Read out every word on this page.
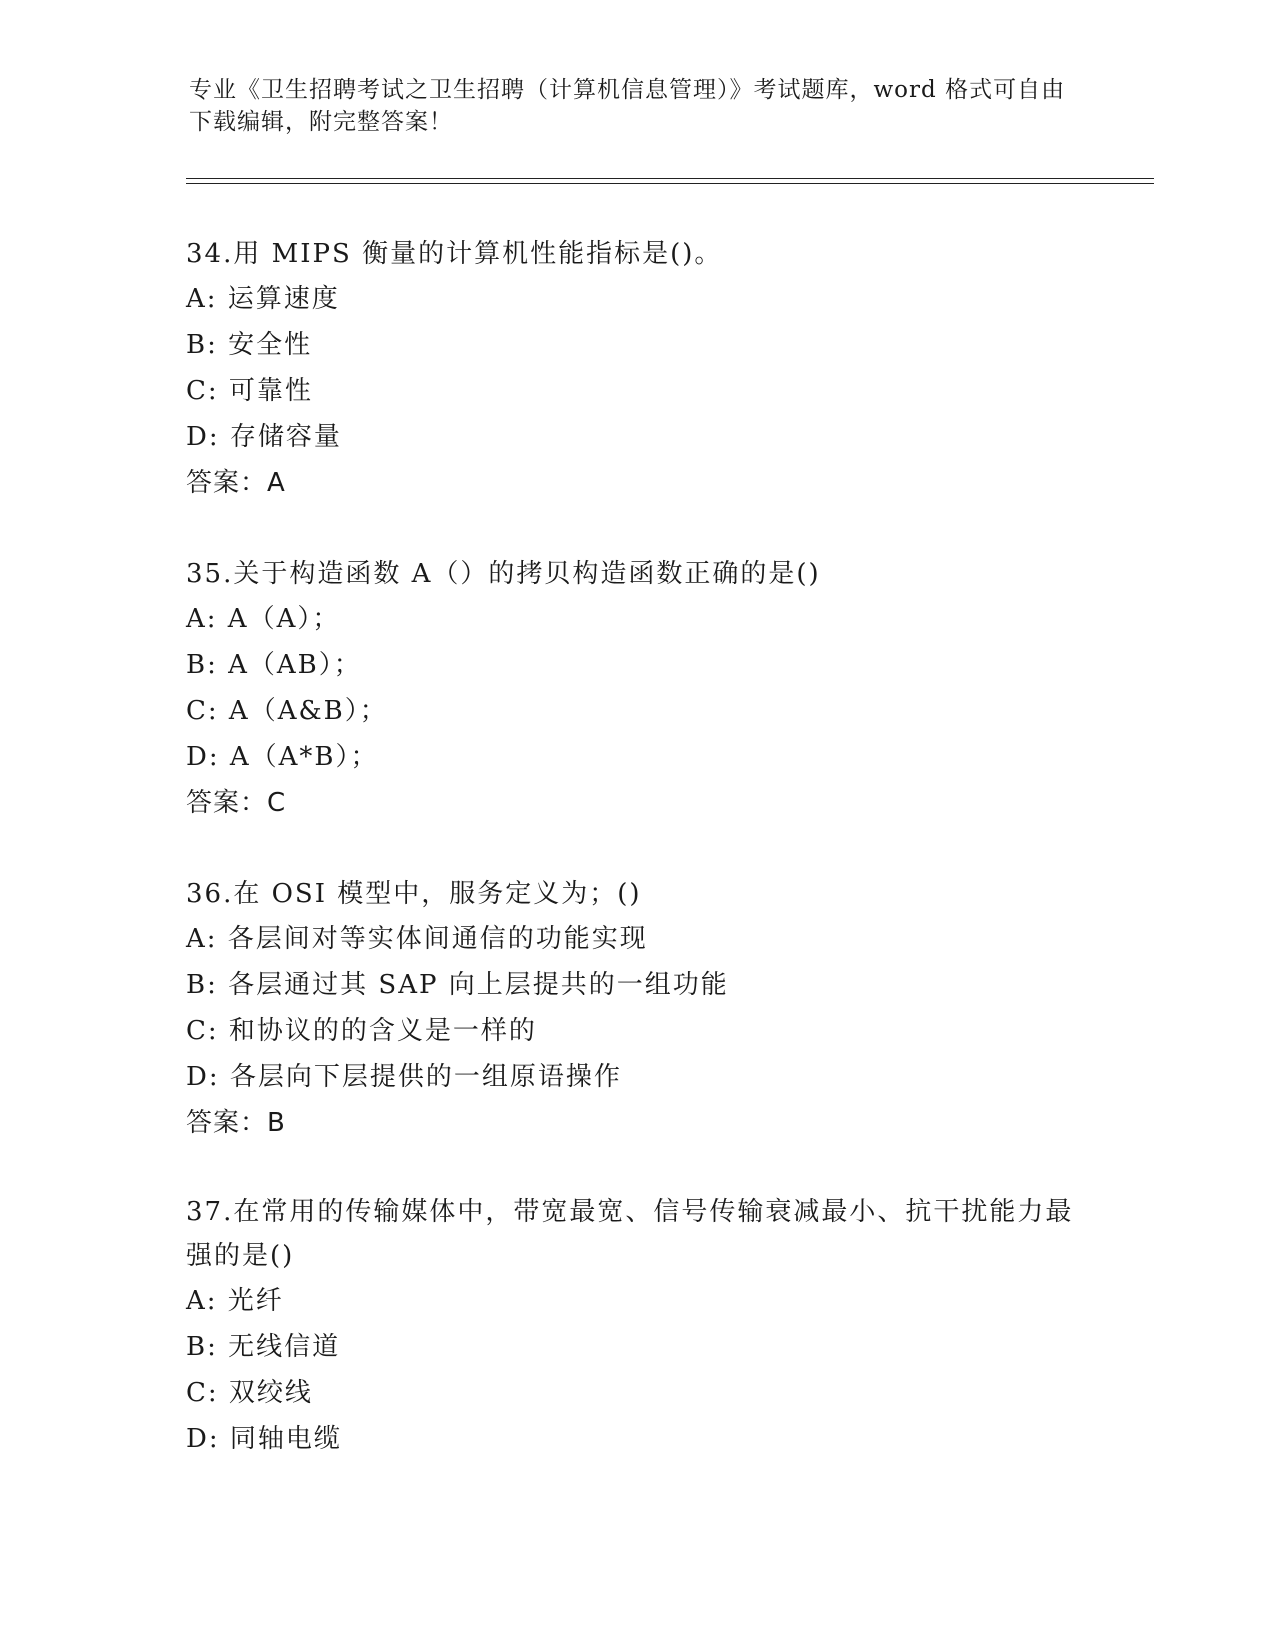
专业《卫生招聘考试之卫生招聘（计算机信息管理）》考试题库，word 格式可自由下载编辑，附完整答案！

34.用 MIPS 衡量的计算机性能指标是()。

A: 运算速度

B: 安全性

C: 可靠性

D: 存储容量

答案：A

35.关于构造函数 A（）的拷贝构造函数正确的是()

A: A（A）；

B: A（AB）；

C: A（A&B）；

D: A（A*B）；

答案：C

36.在 OSI 模型中，服务定义为；()

A: 各层间对等实体间通信的功能实现

B: 各层通过其 SAP 向上层提共的一组功能

C: 和协议的的含义是一样的

D: 各层向下层提供的一组原语操作

答案：B

37.在常用的传输媒体中，带宽最宽、信号传输衰减最小、抗干扰能力最强的是()

A: 光纤

B: 无线信道

C: 双绞线

D: 同轴电缆
